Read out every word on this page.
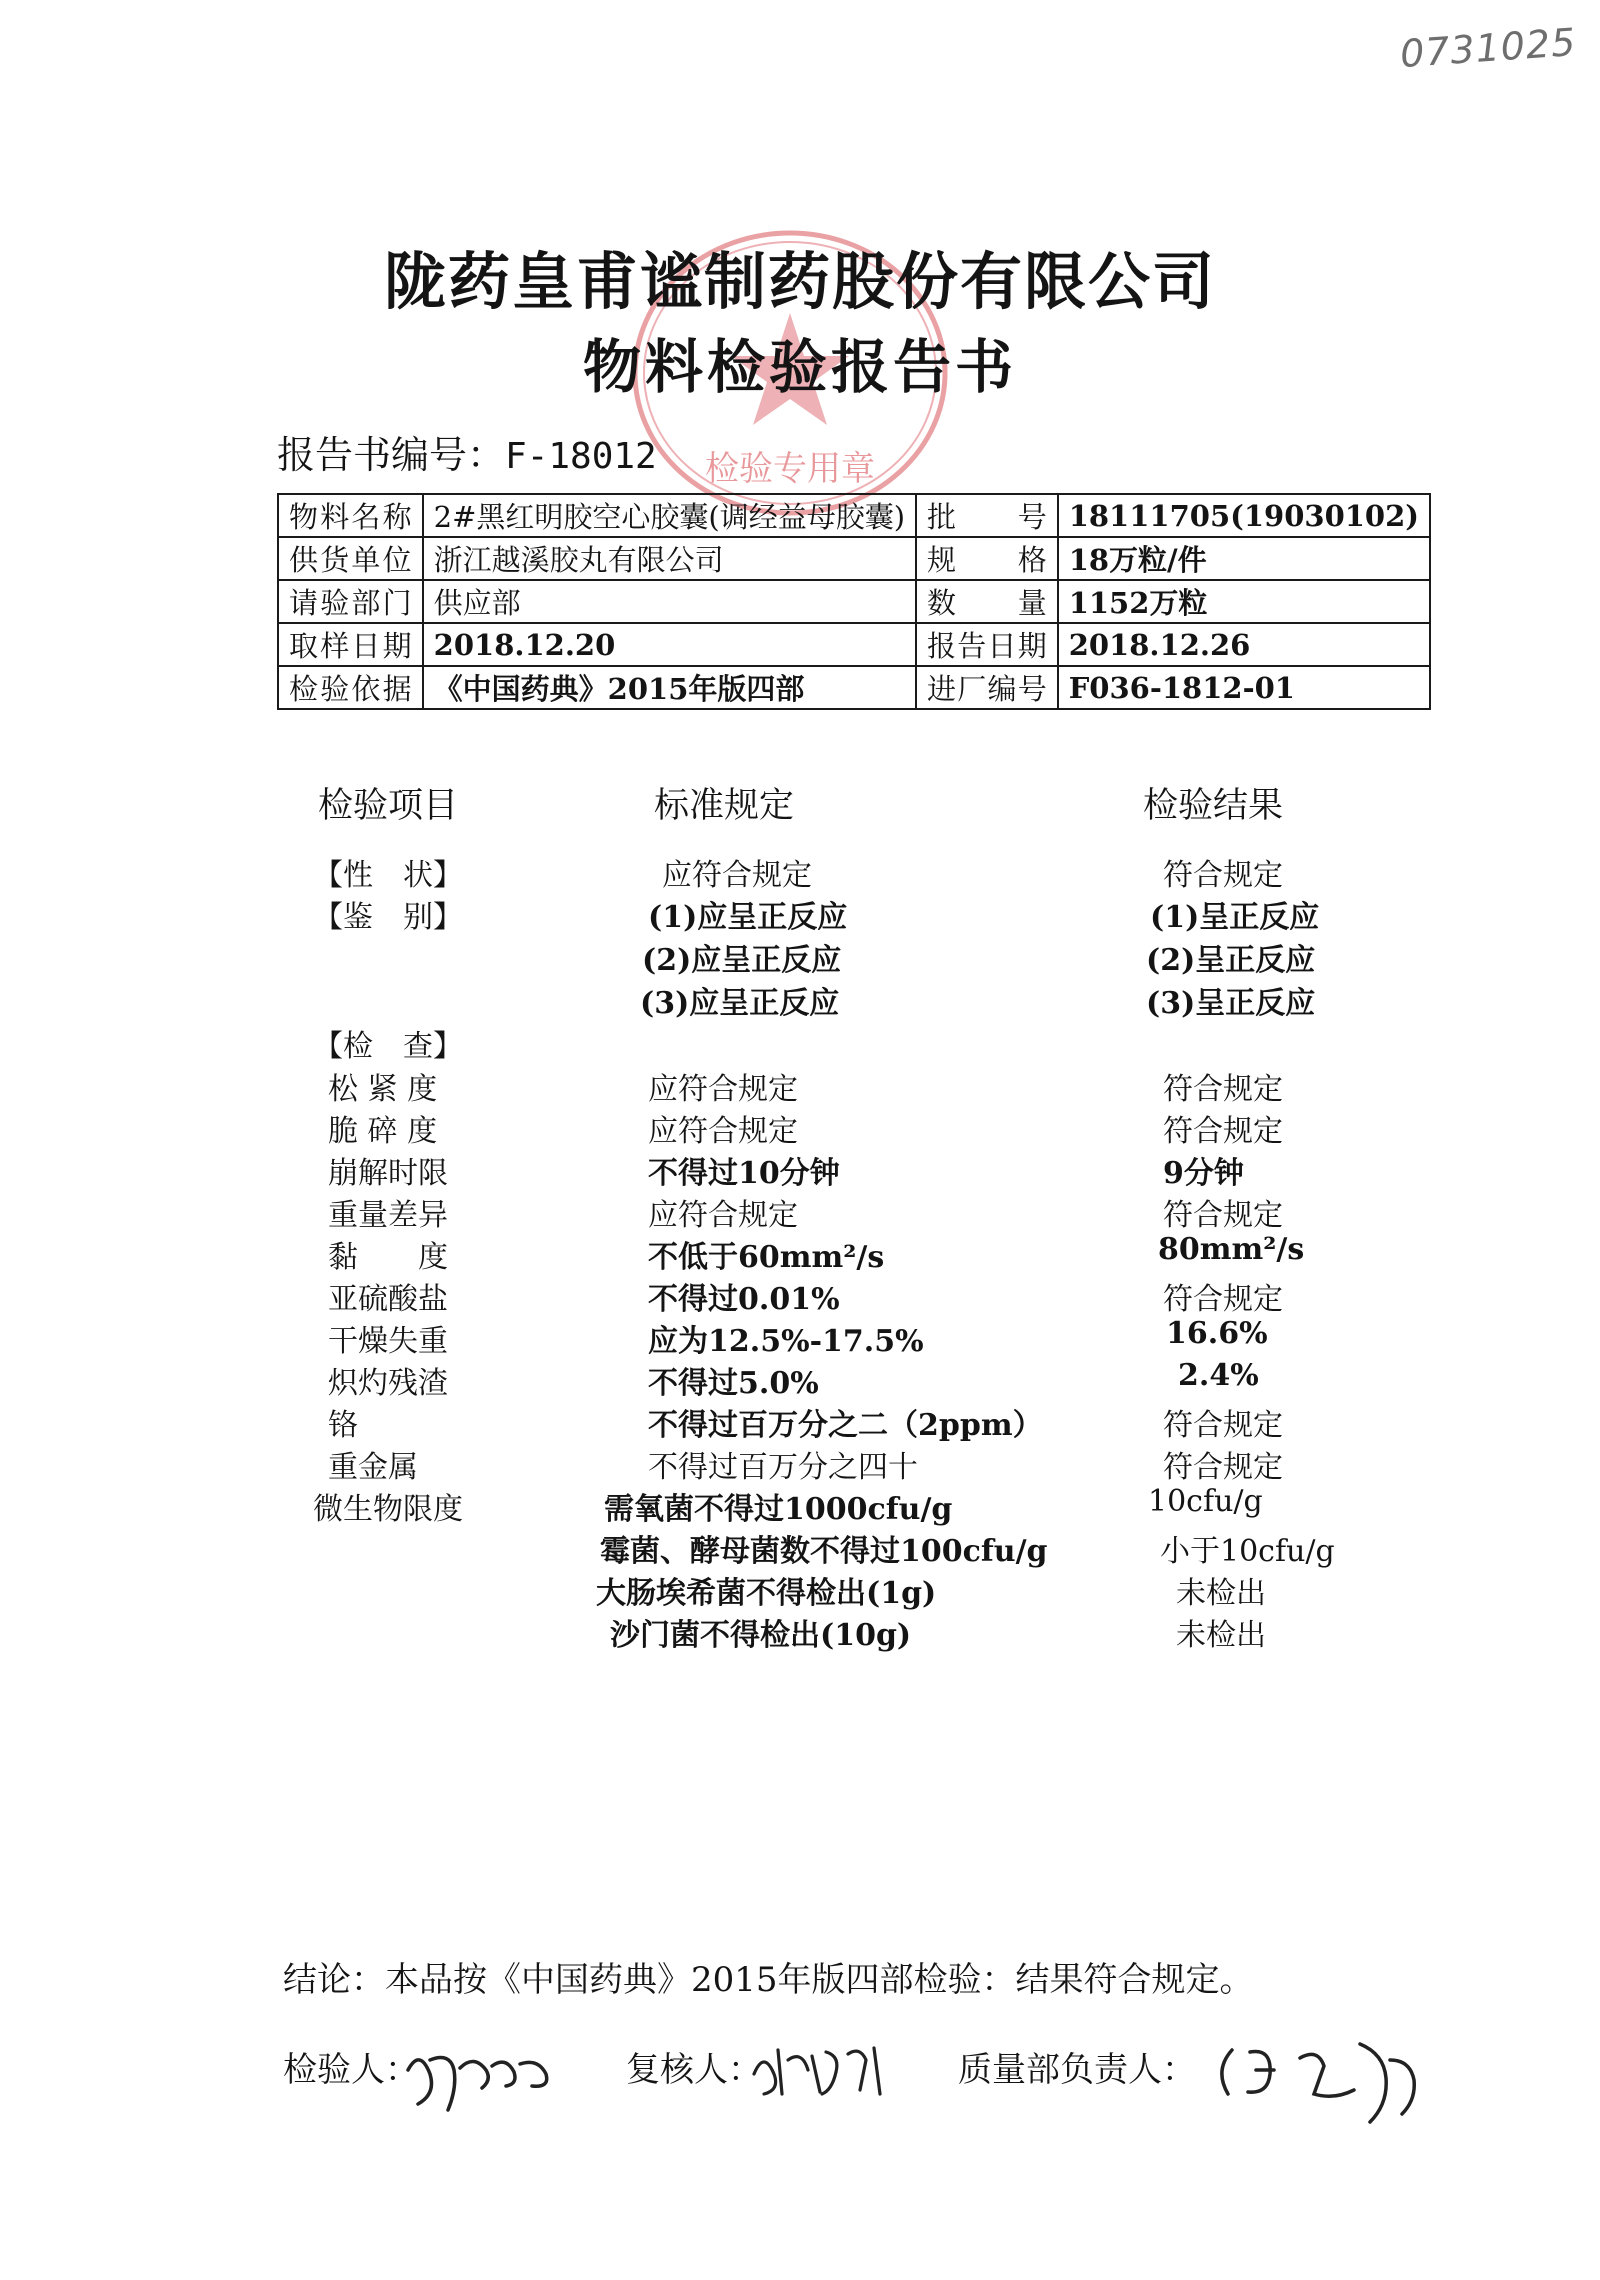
0731025
检验专用章
陇药皇甫谧制药股份有限公司
物料检验报告书
报告书编号：F-18012
物料名称	2#黑红明胶空心胶囊(调经益母胶囊)	批号	18111705(19030102)
供货单位	浙江越溪胶丸有限公司	规格	18万粒/件
请验部门	供应部	数量	1152万粒
取样日期	2018.12.20	报告日期	2018.12.26
检验依据	《中国药典》2015年版四部	进厂编号	F036-1812-01
检验项目	标准规定	检验结果
【性　状】	应符合规定	符合规定
【鉴　别】	(1)应呈正反应	(1)呈正反应
(2)应呈正反应	(2)呈正反应
(3)应呈正反应	(3)呈正反应
【检　查】
松 紧 度	应符合规定	符合规定
脆 碎 度	应符合规定	符合规定
崩解时限	不得过10分钟	9分钟
重量差异	应符合规定	符合规定
黏　　度	不低于60mm²/s	80mm²/s
亚硫酸盐	不得过0.01%	符合规定
干燥失重	应为12.5%-17.5%	16.6%
炽灼残渣	不得过5.0%	2.4%
铬	不得过百万分之二（2ppm）	符合规定
重金属	不得过百万分之四十	符合规定
微生物限度	需氧菌不得过1000cfu/g	10cfu/g
霉菌、酵母菌数不得过100cfu/g	小于10cfu/g
大肠埃希菌不得检出(1g)	未检出
沙门菌不得检出(10g)	未检出
结论：本品按《中国药典》2015年版四部检验：结果符合规定。
检验人：	复核人：	质量部负责人：
